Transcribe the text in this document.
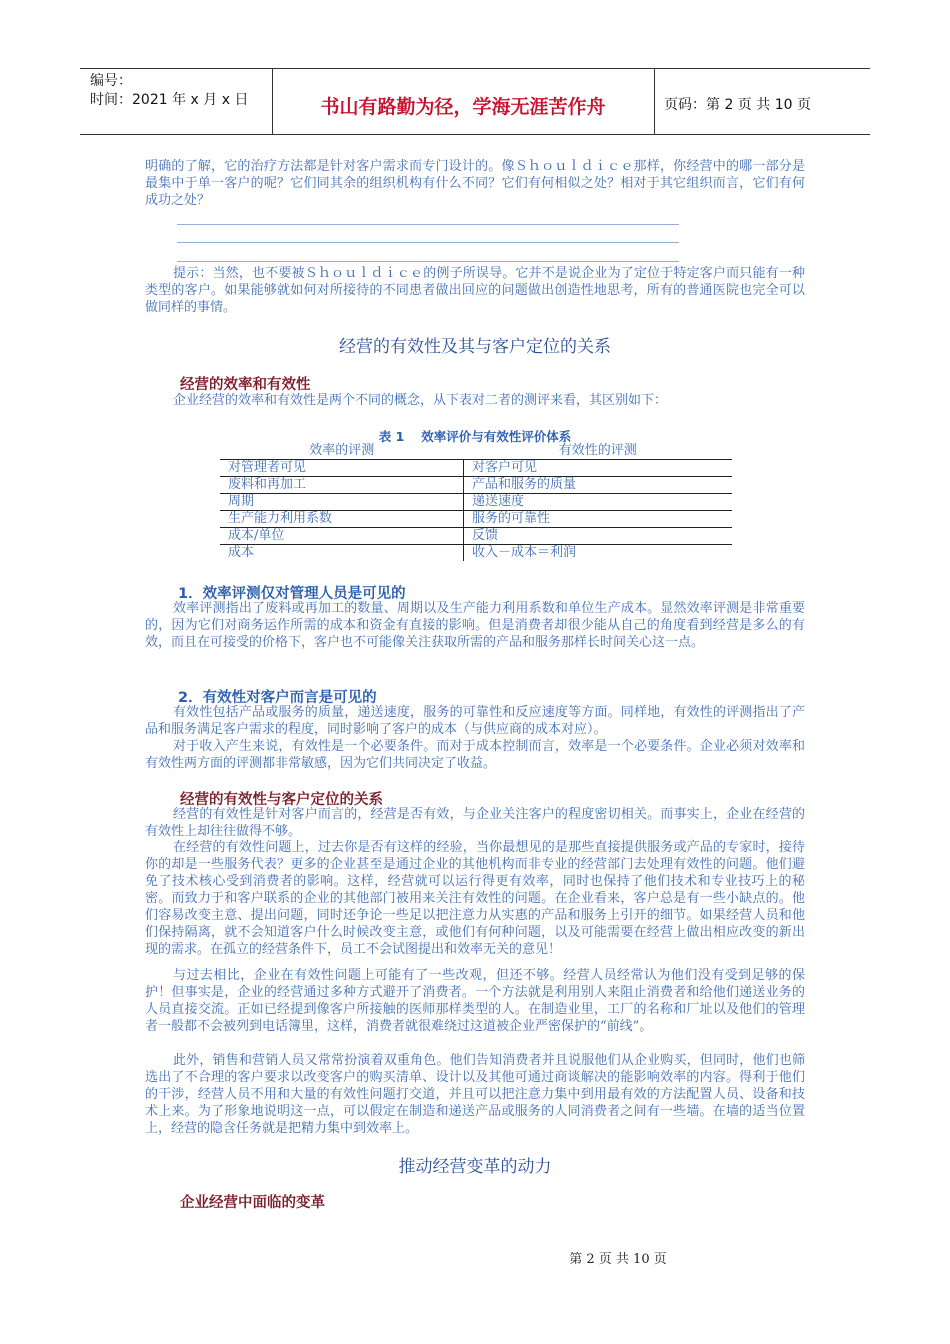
编号：
时间：2021 年 x 月 x 日	书山有路勤为径，学海无涯苦作舟	页码：第 2 页 共 10 页

明确的了解，它的治疗方法都是针对客户需求而专门设计的。像Ｓｈｏｕｌｄｉｃｅ那样，你经营中的哪一部分是最集中于单一客户的呢？它们同其余的组织机构有什么不同？它们有何相似之处？相对于其它组织而言，它们有何成功之处？

提示：当然，也不要被Ｓｈｏｕｌｄｉｃｅ的例子所误导。它并不是说企业为了定位于特定客户而只能有一种类型的客户。如果能够就如何对所接待的不同患者做出回应的问题做出创造性地思考，所有的普通医院也完全可以做同样的事情。

经营的有效性及其与客户定位的关系
经营的效率和有效性

企业经营的效率和有效性是两个不同的概念，从下表对二者的测评来看，其区别如下：

表 1　 效率评价与有效性评价体系
效率的评测	有效性的评测
对管理者可见	对客户可见
废料和再加工	产品和服务的质量
周期	递送速度
生产能力利用系数	服务的可靠性
成本/单位	反馈
成本	收入－成本＝利润
1．效率评测仅对管理人员是可见的

效率评测指出了废料或再加工的数量、周期以及生产能力利用系数和单位生产成本。显然效率评测是非常重要的，因为它们对商务运作所需的成本和资金有直接的影响。但是消费者却很少能从自己的角度看到经营是多么的有效，而且在可接受的价格下，客户也不可能像关注获取所需的产品和服务那样长时间关心这一点。

2．有效性对客户而言是可见的

有效性包括产品或服务的质量，递送速度，服务的可靠性和反应速度等方面。同样地，有效性的评测指出了产品和服务满足客户需求的程度，同时影响了客户的成本（与供应商的成本对应）。

对于收入产生来说，有效性是一个必要条件。而对于成本控制而言，效率是一个必要条件。企业必须对效率和有效性两方面的评测都非常敏感，因为它们共同决定了收益。

经营的有效性与客户定位的关系

经营的有效性是针对客户而言的，经营是否有效，与企业关注客户的程度密切相关。而事实上，企业在经营的有效性上却往往做得不够。

在经营的有效性问题上，过去你是否有这样的经验，当你最想见的是那些直接提供服务或产品的专家时，接待你的却是一些服务代表？更多的企业甚至是通过企业的其他机构而非专业的经营部门去处理有效性的问题。他们避免了技术核心受到消费者的影响。这样，经营就可以运行得更有效率，同时也保持了他们技术和专业技巧上的秘密。而致力于和客户联系的企业的其他部门被用来关注有效性的问题。在企业看来，客户总是有一些小缺点的。他们容易改变主意、提出问题，同时还争论一些足以把注意力从实惠的产品和服务上引开的细节。如果经营人员和他们保持隔离，就不会知道客户什么时候改变主意，或他们有何种问题，以及可能需要在经营上做出相应改变的新出现的需求。在孤立的经营条件下，员工不会试图提出和效率无关的意见！

与过去相比，企业在有效性问题上可能有了一些改观，但还不够。经营人员经常认为他们没有受到足够的保护！但事实是，企业的经营通过多种方式避开了消费者。一个方法就是利用别人来阻止消费者和给他们递送业务的人员直接交流。正如已经提到像客户所接触的医师那样类型的人。在制造业里，工厂的名称和厂址以及他们的管理者一般都不会被列到电话簿里，这样，消费者就很难绕过这道被企业严密保护的“前线”。

此外，销售和营销人员又常常扮演着双重角色。他们告知消费者并且说服他们从企业购买，但同时，他们也筛选出了不合理的客户要求以改变客户的购买清单、设计以及其他可通过商谈解决的能影响效率的内容。得利于他们的干涉，经营人员不用和大量的有效性问题打交道，并且可以把注意力集中到用最有效的方法配置人员、设备和技术上来。为了形象地说明这一点，可以假定在制造和递送产品或服务的人同消费者之间有一些墙。在墙的适当位置上，经营的隐含任务就是把精力集中到效率上。

推动经营变革的动力
企业经营中面临的变革
第 2 页 共 10 页
